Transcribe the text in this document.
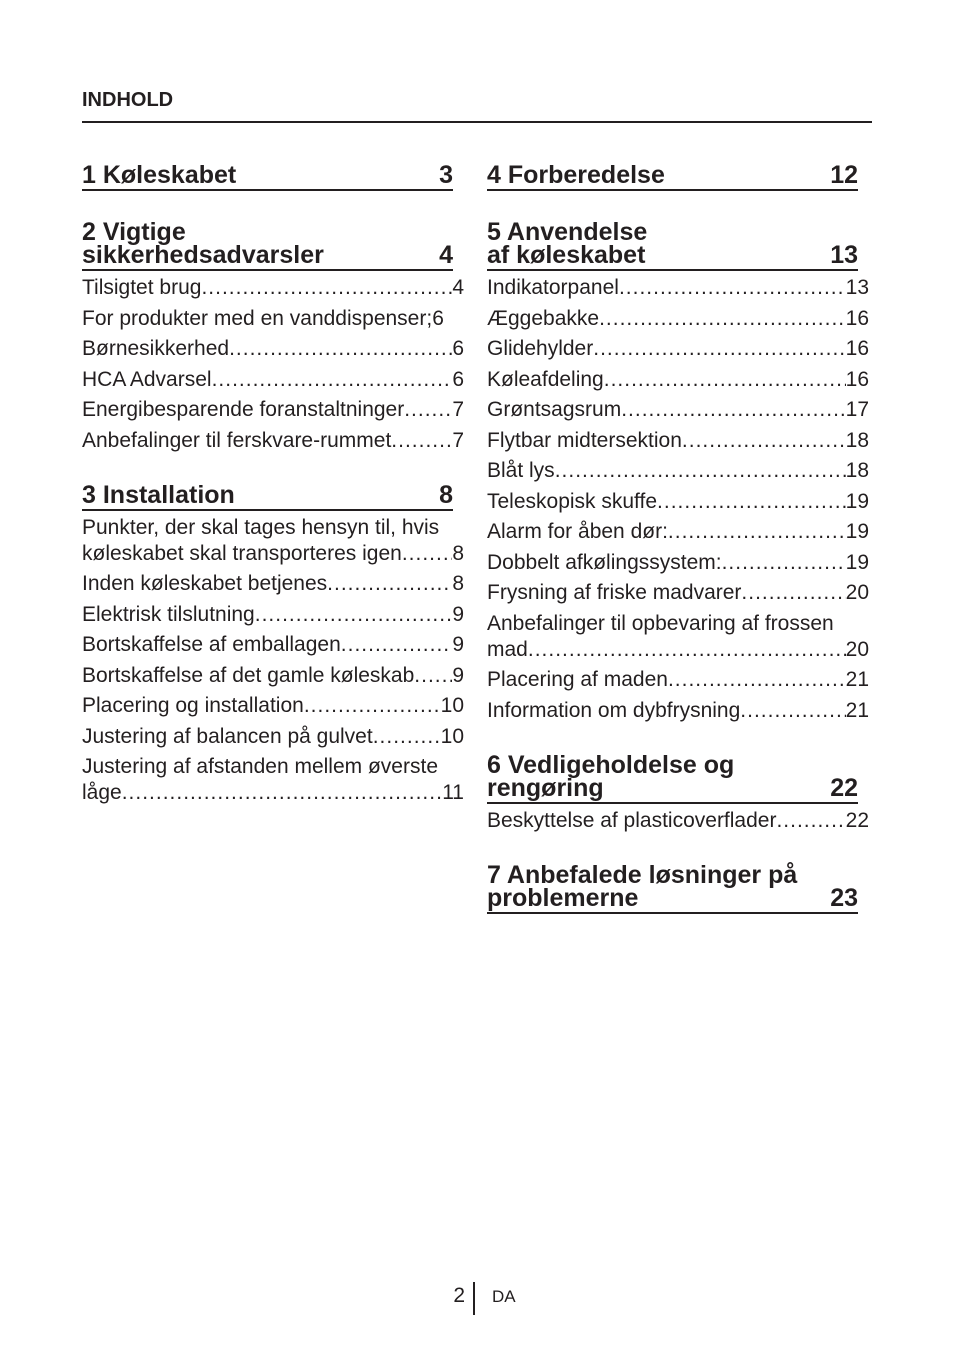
INDHOLD
1 Køleskabet	3
2 Vigtige sikkerhedsadvarsler	4
Tilsigtet brug .....	4
For produkter med en vanddispenser; 6
Børnesikkerhed .....	6
HCA Advarsel .....	6
Energibesparende foranstaltninger ..... 7
Anbefalinger til ferskvare-rummet .....	7
3 Installation	8
Punkter, der skal tages hensyn til, hvis
køleskabet skal transporteres igen ..... 8
Inden køleskabet betjenes .....	8
Elektrisk tilslutning .....	9
Bortskaffelse af emballagen .....	9
Bortskaffelse af det gamle køleskab ..... 9
Placering og installation .....	10
Justering af balancen på gulvet .....	10
Justering af afstanden mellem øverste
låge .....	11
4 Forberedelse	12
5 Anvendelse af køleskabet	13
Indikatorpanel .....	13
Æggebakke .....	16
Glidehylder .....	16
Køleafdeling .....	16
Grøntsagsrum .....	17
Flytbar midtersektion .....	18
Blåt lys .....	18
Teleskopisk skuffe .....	19
Alarm for åben dør: .....	19
Dobbelt afkølingssystem: .....	19
Frysning af friske madvarer .....	20
Anbefalinger til opbevaring af frossen
mad .....	20
Placering af maden .....	21
Information om dybfrysning .....	21
6 Vedligeholdelse og rengøring	22
Beskyttelse af plasticoverflader .....	22
7 Anbefalede løsninger på problemerne	23
2 DA
